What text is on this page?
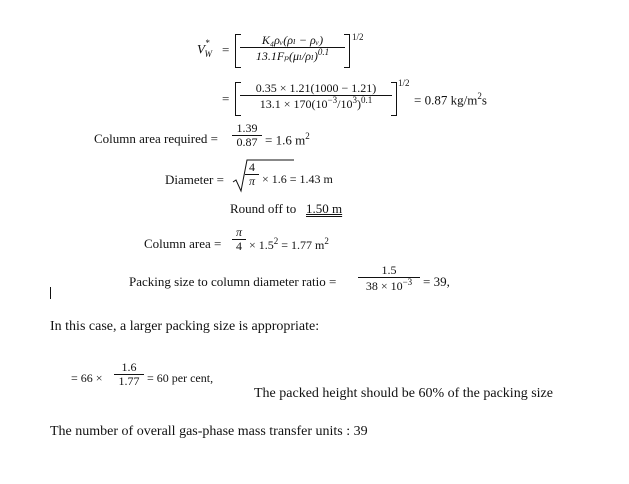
$V^*_W = \frac{\text{K₄ρᵥ(ρₗ − ρᵥ)}}{13.1F_p(\mu_l/\rho_l)^{0.1}} 1/2$
= $\frac{0.35 \times 1.21(1000 - 1.21)}{13.1 \times 170(10^{-3}/10^3)^{0.1}} 1/2$
= 0.87 $kg/m^2s$
Column area required = $\frac{1.39}{0.87} = 1.6$ $m^2$
Diameter = $\frac{4}{\pi} \times 1.6 = 1.43$ m
Round off to 1.50 m
Column area = $\frac{\pi}{4} \times 1.5^2 = 1.77$ $m^2$
Packing size to column diameter ratio = $\frac{1.5}{38 \times 10^{-3}} = 39$,
In this case, a larger packing size is appropriate:
= $66 \times \frac{1.6}{1.77} = 60$ per cent,
The packed height should be 60% of the packing size
The number of overall gas-phase mass transfer units : 39
